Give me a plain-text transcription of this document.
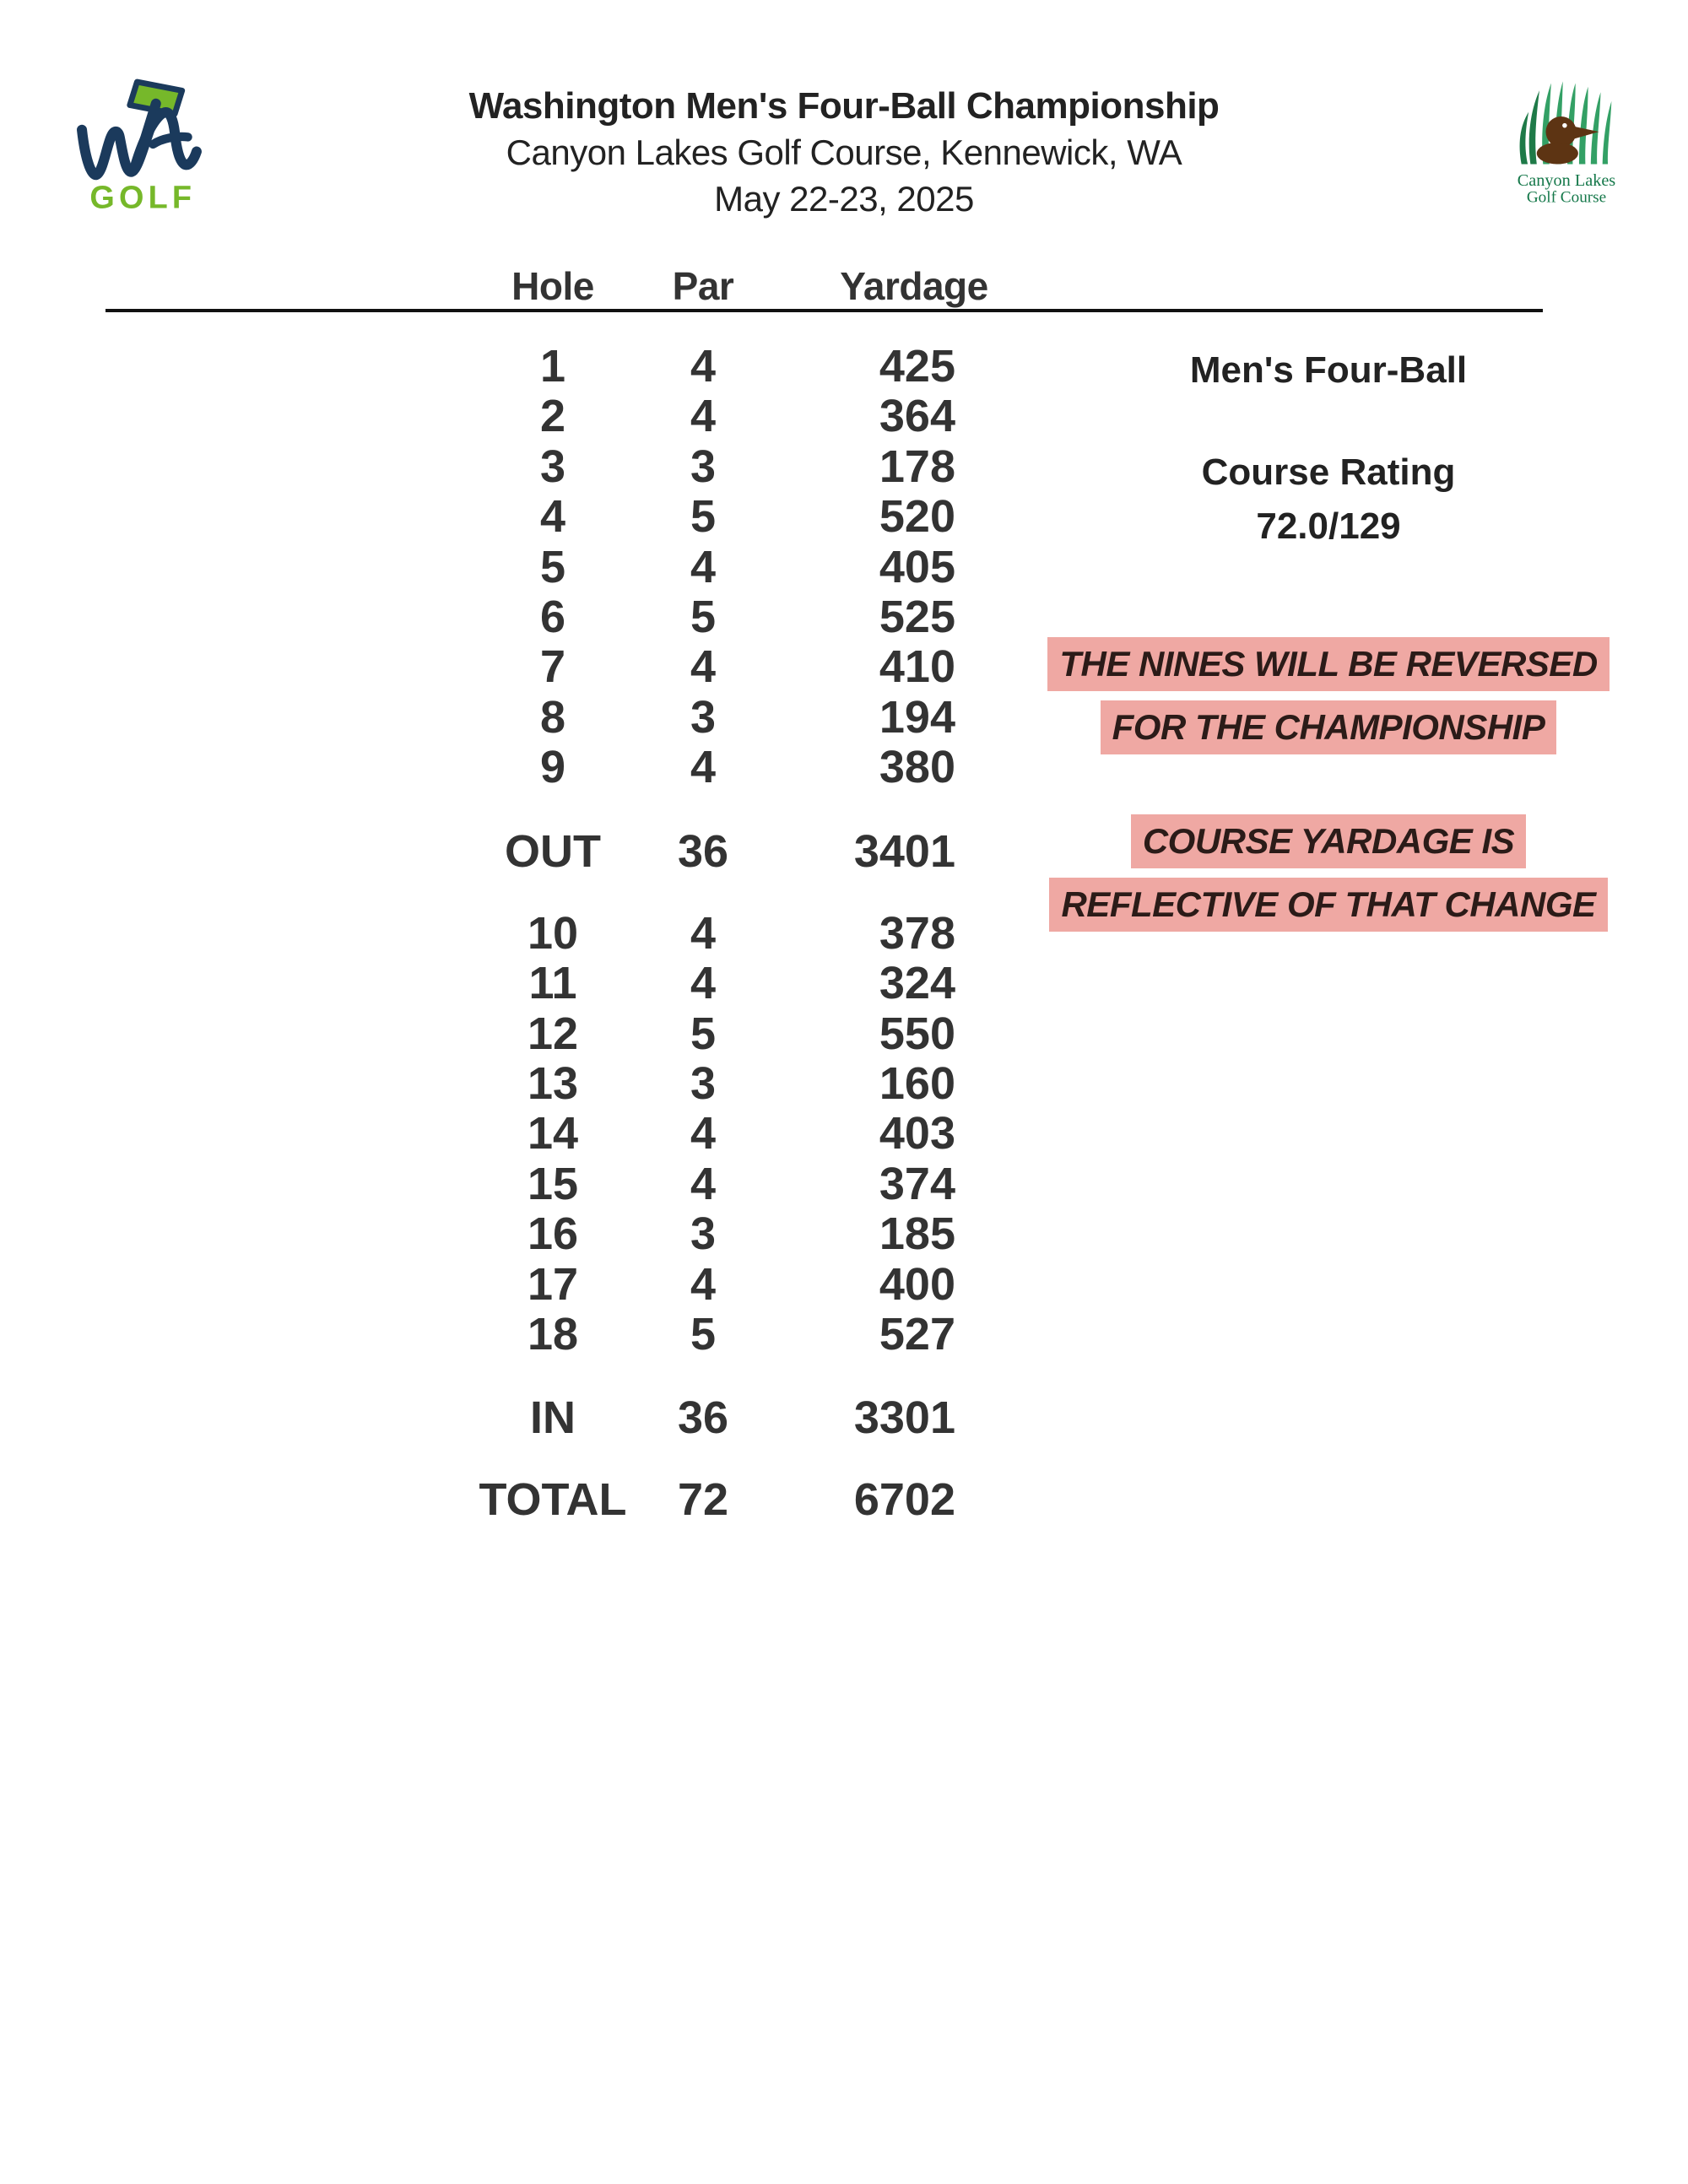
GOLF
Washington Men's Four-Ball Championship
Canyon Lakes Golf Course, Kennewick, WA
May 22-23, 2025	Canyon Lakes
Golf Course
Hole	Par	Yardage
1	4	425
2	4	364
3	3	178
4	5	520
5	4	405
6	5	525
7	4	410
8	3	194
9	4	380
OUT	36	3401
10	4	378
11	4	324
12	5	550
13	3	160
14	4	403
15	4	374
16	3	185
17	4	400
18	5	527
IN	36	3301
TOTAL	72	6702
Men's Four-Ball
Course Rating
72.0/129
THE NINES WILL BE REVERSED
FOR THE CHAMPIONSHIP
COURSE YARDAGE IS
REFLECTIVE OF THAT CHANGE
